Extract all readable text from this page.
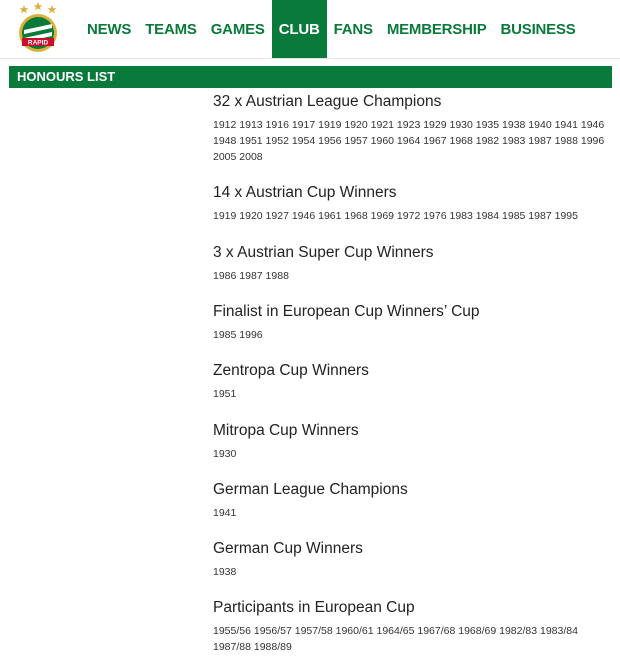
RAPID
NEWS TEAMS GAMES CLUB FANS MEMBERSHIP BUSINESS
HONOURS LIST
32 x Austrian League Champions
1912 1913 1916 1917 1919 1920 1921 1923 1929 1930 1935 1938 1940 1941 1946 1948 1951 1952 1954 1956 1957 1960 1964 1967 1968 1982 1983 1987 1988 1996 2005 2008
14 x Austrian Cup Winners
1919 1920 1927 1946 1961 1968 1969 1972 1976 1983 1984 1985 1987 1995
3 x Austrian Super Cup Winners
1986 1987 1988
Finalist in European Cup Winners’ Cup
1985 1996
Zentropa Cup Winners
1951
Mitropa Cup Winners
1930
German League Champions
1941
German Cup Winners
1938
Participants in European Cup
1955/56 1956/57 1957/58 1960/61 1964/65 1967/68 1968/69 1982/83 1983/84 1987/88 1988/89
